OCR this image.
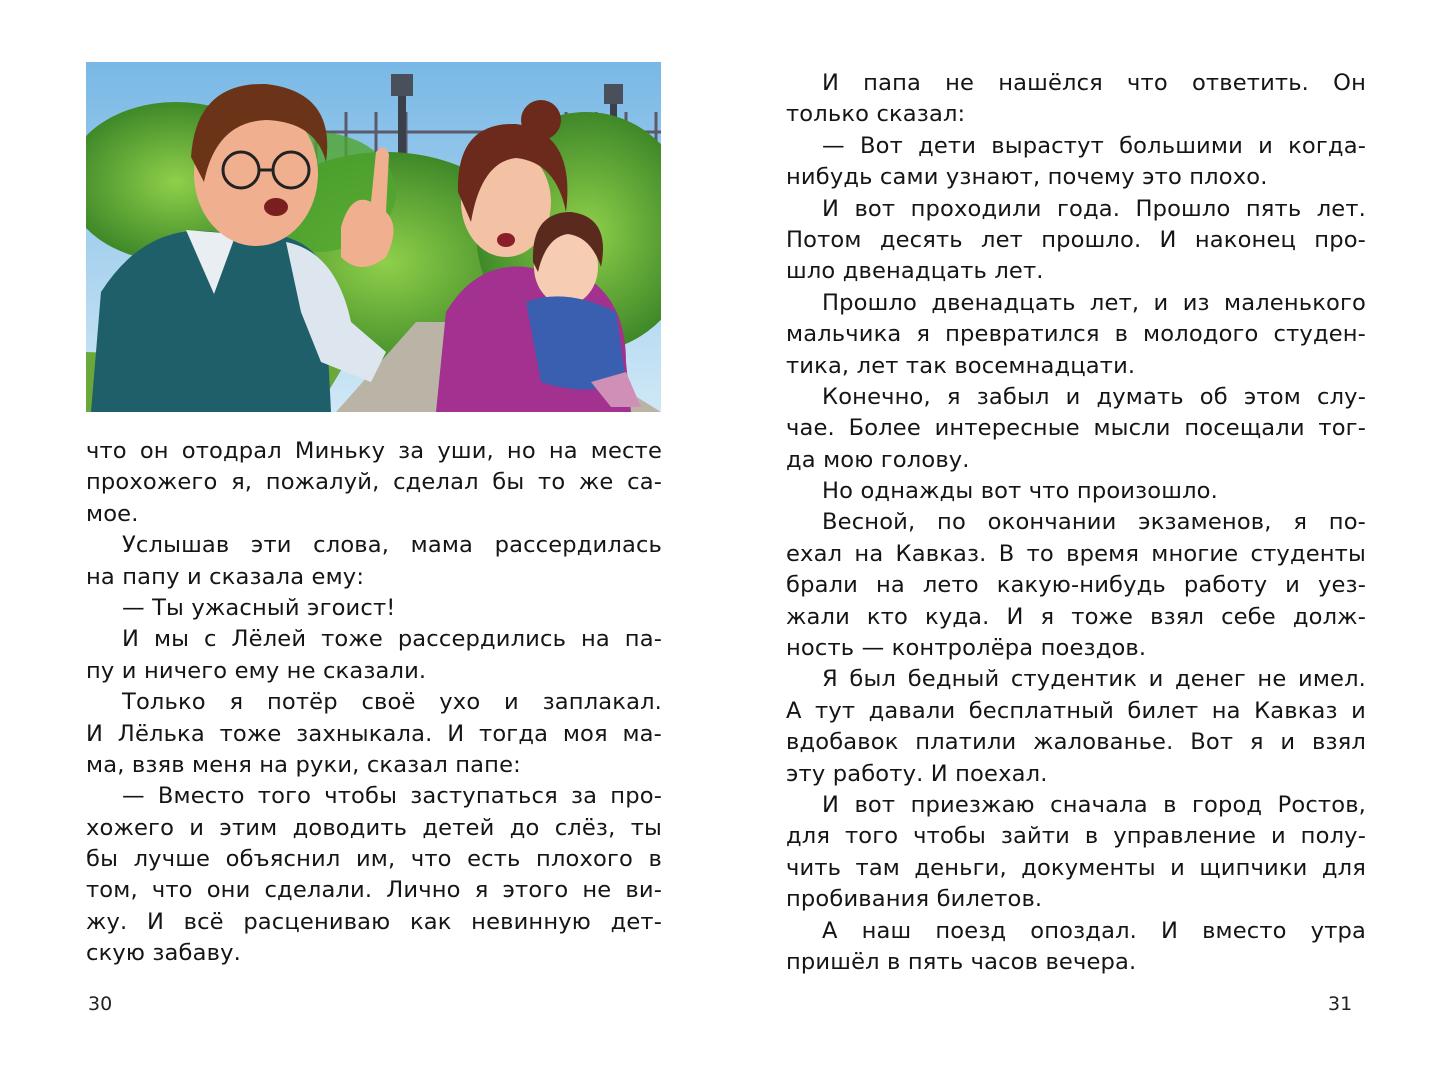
что он отодрал Миньку за уши, но на месте
прохожего я, пожалуй, сделал бы то же са-
мое.
Услышав эти слова, мама рассердилась
на папу и сказала ему:
— Ты ужасный эгоист!
И мы с Лёлей тоже рассердились на па-
пу и ничего ему не сказали.
Только я потёр своё ухо и заплакал.
И Лёлька тоже захныкала. И тогда моя ма-
ма, взяв меня на руки, сказал папе:
— Вместо того чтобы заступаться за про-
хожего и этим доводить детей до слёз, ты
бы лучше объяснил им, что есть плохого в
том, что они сделали. Лично я этого не ви-
жу. И всё расцениваю как невинную дет-
скую забаву.
30
И папа не нашёлся что ответить. Он
только сказал:
— Вот дети вырастут большими и когда-
нибудь сами узнают, почему это плохо.
И вот проходили года. Прошло пять лет.
Потом десять лет прошло. И наконец про-
шло двенадцать лет.
Прошло двенадцать лет, и из маленького
мальчика я превратился в молодого студен-
тика, лет так восемнадцати.
Конечно, я забыл и думать об этом слу-
чае. Более интересные мысли посещали тог-
да мою голову.
Но однажды вот что произошло.
Весной, по окончании экзаменов, я по-
ехал на Кавказ. В то время многие студенты
брали на лето какую-нибудь работу и уез-
жали кто куда. И я тоже взял себе долж-
ность — контролёра поездов.
Я был бедный студентик и денег не имел.
А тут давали бесплатный билет на Кавказ и
вдобавок платили жалованье. Вот я и взял
эту работу. И поехал.
И вот приезжаю сначала в город Ростов,
для того чтобы зайти в управление и полу-
чить там деньги, документы и щипчики для
пробивания билетов.
А наш поезд опоздал. И вместо утра
пришёл в пять часов вечера.
31
